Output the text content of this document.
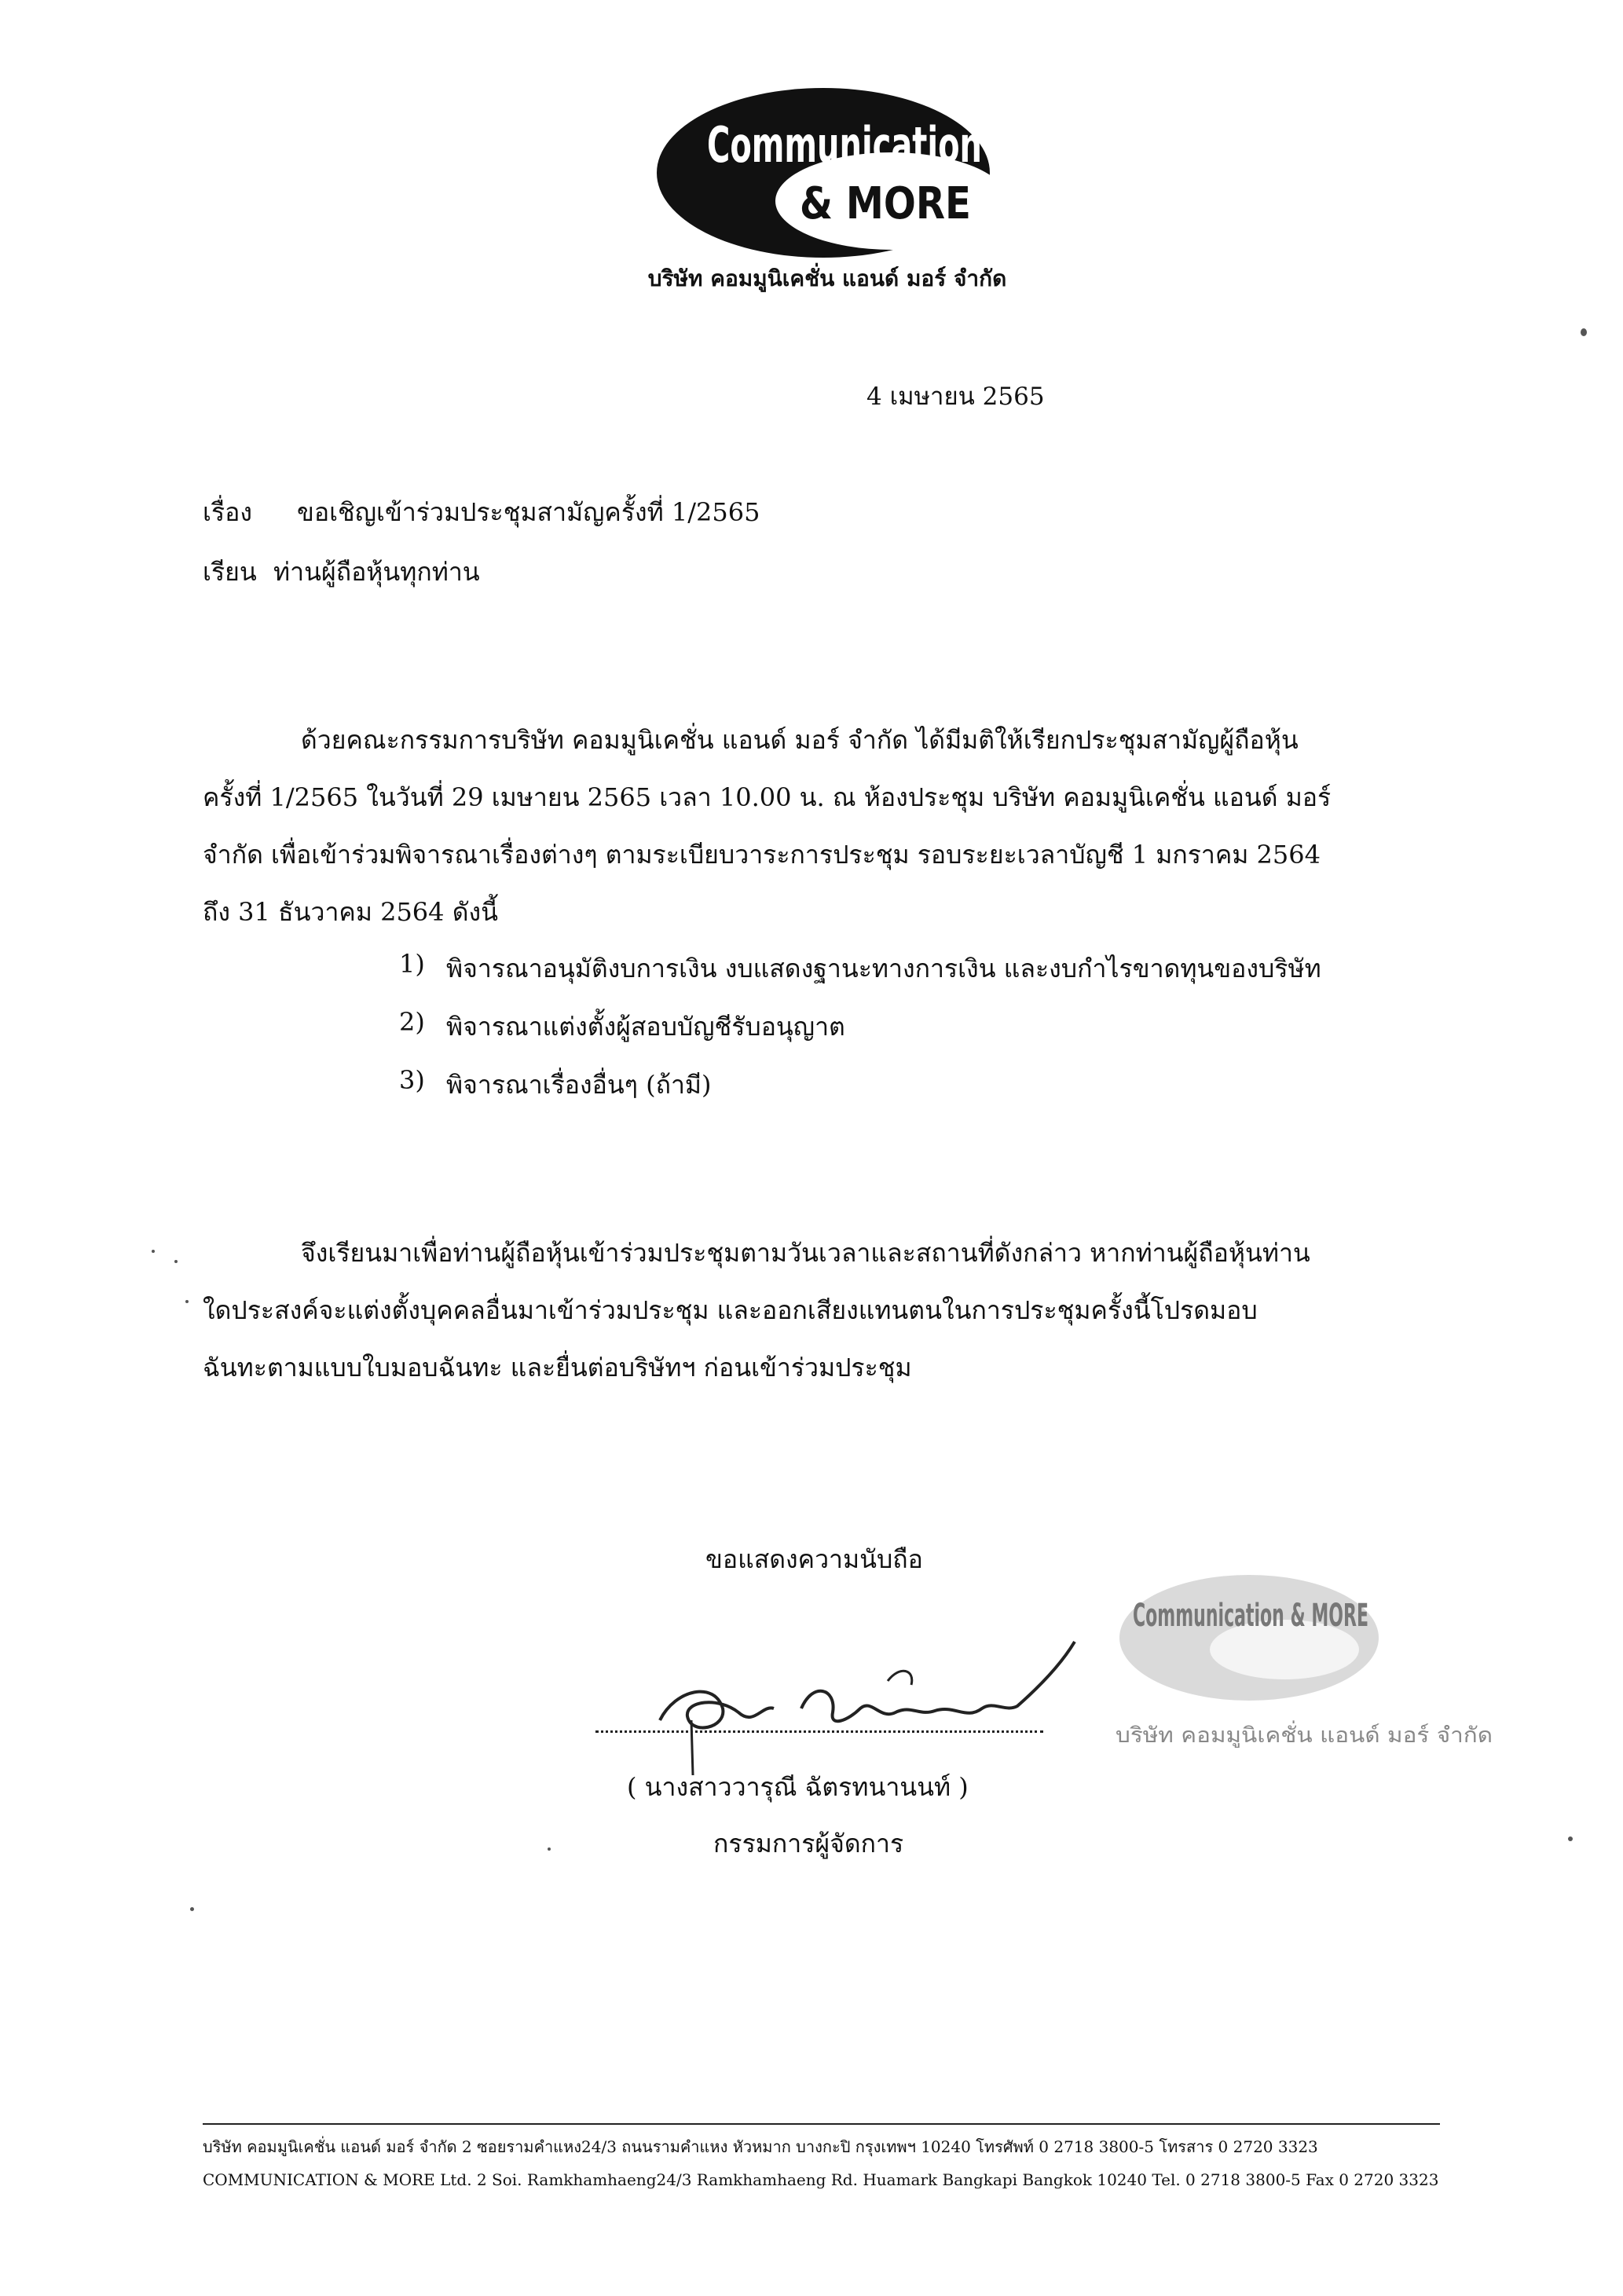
Communication
& MORE
บริษัท คอมมูนิเคชั่น แอนด์ มอร์ จำกัด
4 เมษายน 2565
เรื่อง ขอเชิญเข้าร่วมประชุมสามัญครั้งที่ 1/2565
เรียน ท่านผู้ถือหุ้นทุกท่าน
ด้วยคณะกรรมการบริษัท คอมมูนิเคชั่น แอนด์ มอร์ จำกัด ได้มีมติให้เรียกประชุมสามัญผู้ถือหุ้น
ครั้งที่ 1/2565 ในวันที่ 29 เมษายน 2565 เวลา 10.00 น. ณ ห้องประชุม บริษัท คอมมูนิเคชั่น แอนด์ มอร์
จำกัด เพื่อเข้าร่วมพิจารณาเรื่องต่างๆ ตามระเบียบวาระการประชุม รอบระยะเวลาบัญชี 1 มกราคม 2564
ถึง 31 ธันวาคม 2564 ดังนี้
1) พิจารณาอนุมัติงบการเงิน งบแสดงฐานะทางการเงิน และงบกำไรขาดทุนของบริษัท
2) พิจารณาแต่งตั้งผู้สอบบัญชีรับอนุญาต
3) พิจารณาเรื่องอื่นๆ (ถ้ามี)
จึงเรียนมาเพื่อท่านผู้ถือหุ้นเข้าร่วมประชุมตามวันเวลาและสถานที่ดังกล่าว หากท่านผู้ถือหุ้นท่าน
ใดประสงค์จะแต่งตั้งบุคคลอื่นมาเข้าร่วมประชุม และออกเสียงแทนตนในการประชุมครั้งนี้โปรดมอบ
ฉันทะตามแบบใบมอบฉันทะ และยื่นต่อบริษัทฯ ก่อนเข้าร่วมประชุม
ขอแสดงความนับถือ
Communication & MORE
บริษัท คอมมูนิเคชั่น แอนด์ มอร์ จำกัด
( นางสาววารุณี ฉัตรทนานนท์ )
กรรมการผู้จัดการ
บริษัท คอมมูนิเคชั่น แอนด์ มอร์ จำกัด 2 ซอยรามคำแหง24/3 ถนนรามคำแหง หัวหมาก บางกะปิ กรุงเทพฯ 10240 โทรศัพท์ 0 2718 3800-5 โทรสาร 0 2720 3323
COMMUNICATION & MORE Ltd. 2 Soi. Ramkhamhaeng24/3 Ramkhamhaeng Rd. Huamark Bangkapi Bangkok 10240 Tel. 0 2718 3800-5 Fax 0 2720 3323
